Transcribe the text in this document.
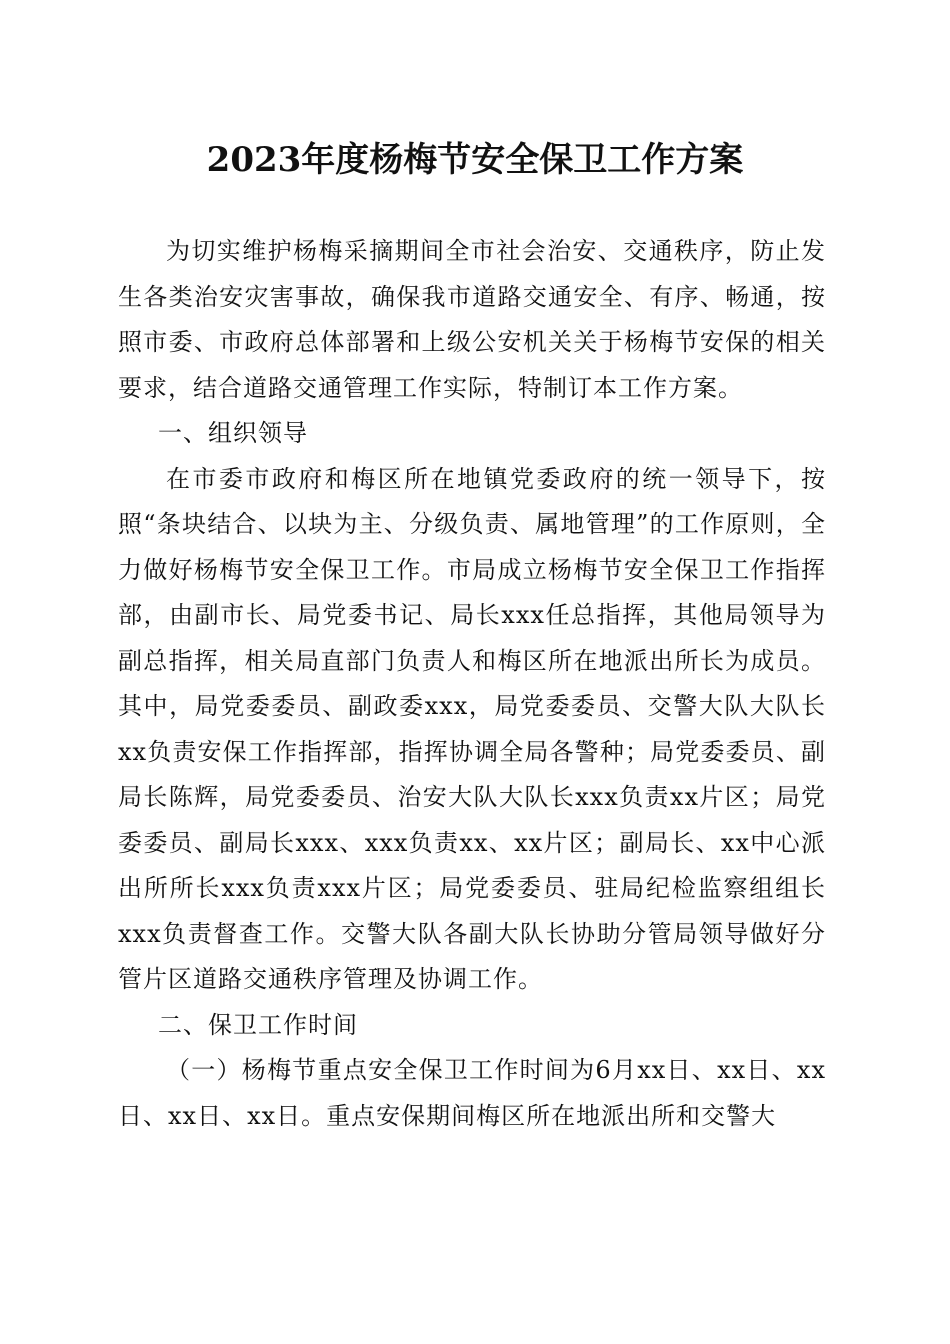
2023年度杨梅节安全保卫工作方案

为切实维护杨梅采摘期间全市社会治安、交通秩序，防止发生各类治安灾害事故，确保我市道路交通安全、有序、畅通，按照市委、市政府总体部署和上级公安机关关于杨梅节安保的相关要求，结合道路交通管理工作实际，特制订本工作方案。

一、组织领导

在市委市政府和梅区所在地镇党委政府的统一领导下，按照“条块结合、以块为主、分级负责、属地管理”的工作原则，全力做好杨梅节安全保卫工作。市局成立杨梅节安全保卫工作指挥部，由副市长、局党委书记、局长xxx任总指挥，其他局领导为副总指挥，相关局直部门负责人和梅区所在地派出所长为成员。其中，局党委委员、副政委xxx，局党委委员、交警大队大队长xx负责安保工作指挥部，指挥协调全局各警种；局党委委员、副局长陈辉，局党委委员、治安大队大队长xxx负责xx片区；局党委委员、副局长xxx、xxx负责xx、xx片区；副局长、xx中心派出所所长xxx负责xxx片区；局党委委员、驻局纪检监察组组长xxx负责督查工作。交警大队各副大队长协助分管局领导做好分管片区道路交通秩序管理及协调工作。

二、保卫工作时间

（一）杨梅节重点安全保卫工作时间为6月xx日、xx日、xx日、xx日、xx日。重点安保期间梅区所在地派出所和交警大
